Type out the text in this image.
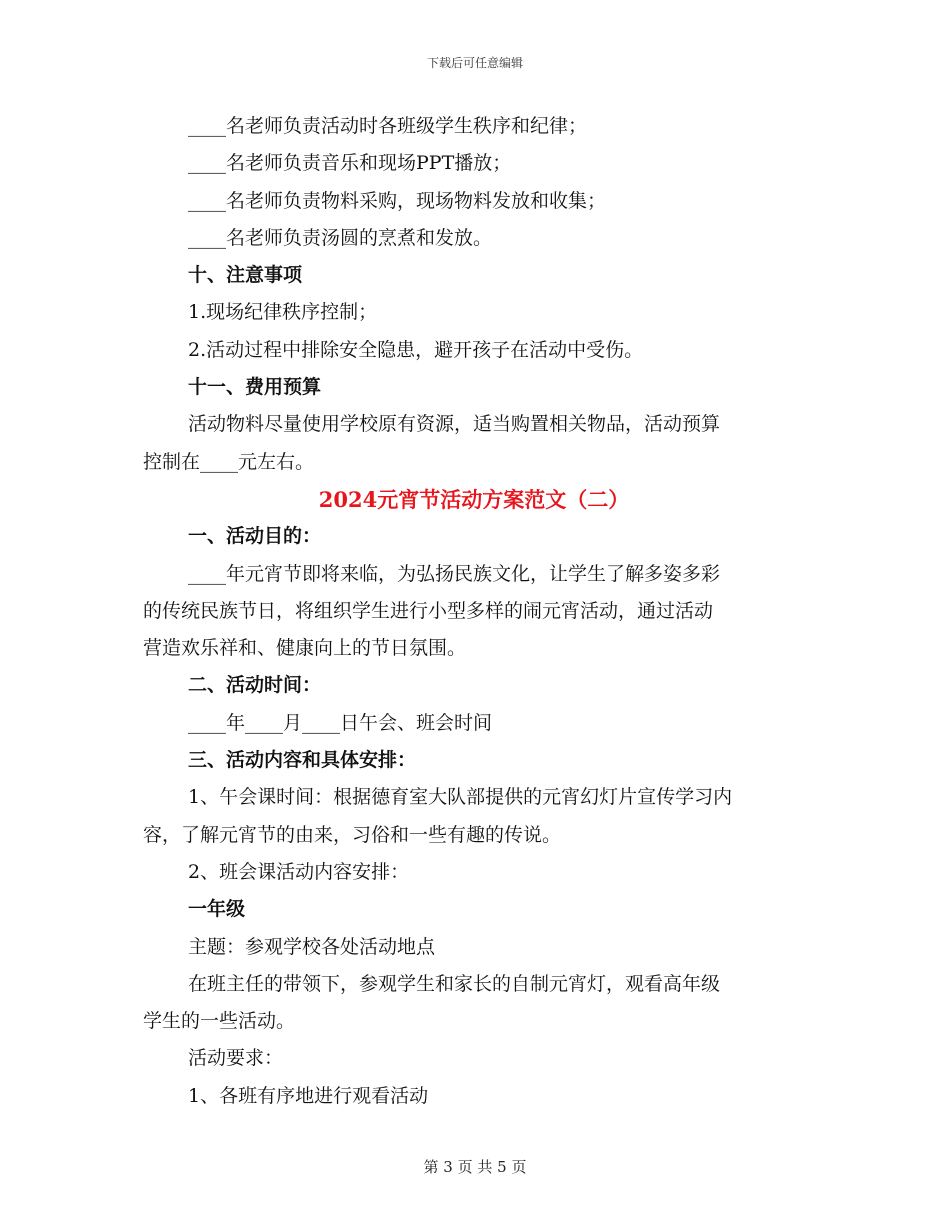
下载后可任意编辑
____名老师负责活动时各班级学生秩序和纪律；
____名老师负责音乐和现场PPT播放；
____名老师负责物料采购，现场物料发放和收集；
____名老师负责汤圆的烹煮和发放。
十、注意事项
1.现场纪律秩序控制；
2.活动过程中排除安全隐患，避开孩子在活动中受伤。
十一、费用预算
活动物料尽量使用学校原有资源，适当购置相关物品，活动预算
控制在____元左右。
2024元宵节活动方案范文（二）
一、活动目的：
____年元宵节即将来临，为弘扬民族文化，让学生了解多姿多彩
的传统民族节日，将组织学生进行小型多样的闹元宵活动，通过活动
营造欢乐祥和、健康向上的节日氛围。
二、活动时间：
____年____月____日午会、班会时间
三、活动内容和具体安排：
1、午会课时间：根据德育室大队部提供的元宵幻灯片宣传学习内
容，了解元宵节的由来，习俗和一些有趣的传说。
2、班会课活动内容安排：
一年级
主题：参观学校各处活动地点
在班主任的带领下，参观学生和家长的自制元宵灯，观看高年级
学生的一些活动。
活动要求：
1、各班有序地进行观看活动
第 3 页 共 5 页
